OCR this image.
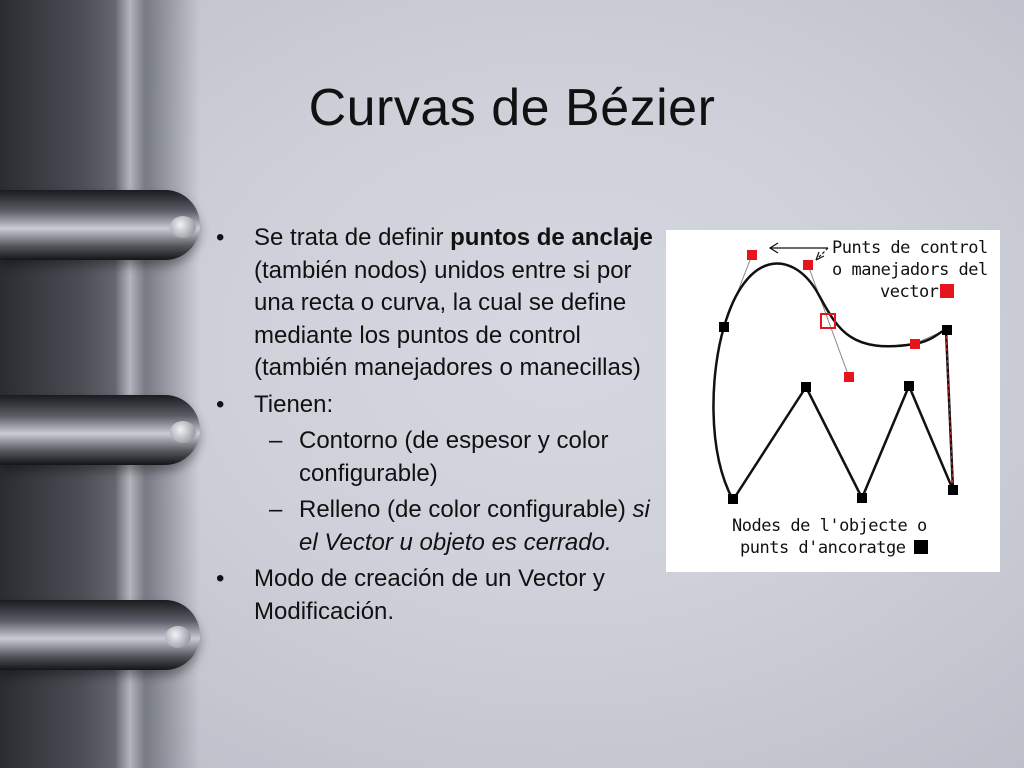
Curvas de Bézier
• Se trata de definir puntos de anclaje (también nodos) unidos entre si por una recta o curva, la cual se define mediante los puntos de control (también manejadores o manecillas)
• Tienen:
– Contorno (de espesor y color configurable)
– Relleno (de color configurable) si el Vector u objeto es cerrado.
• Modo de creación de un Vector y Modificación.
Punts de control
o manejadors del
vector
Nodes de l'objecte o
punts d'ancoratge
